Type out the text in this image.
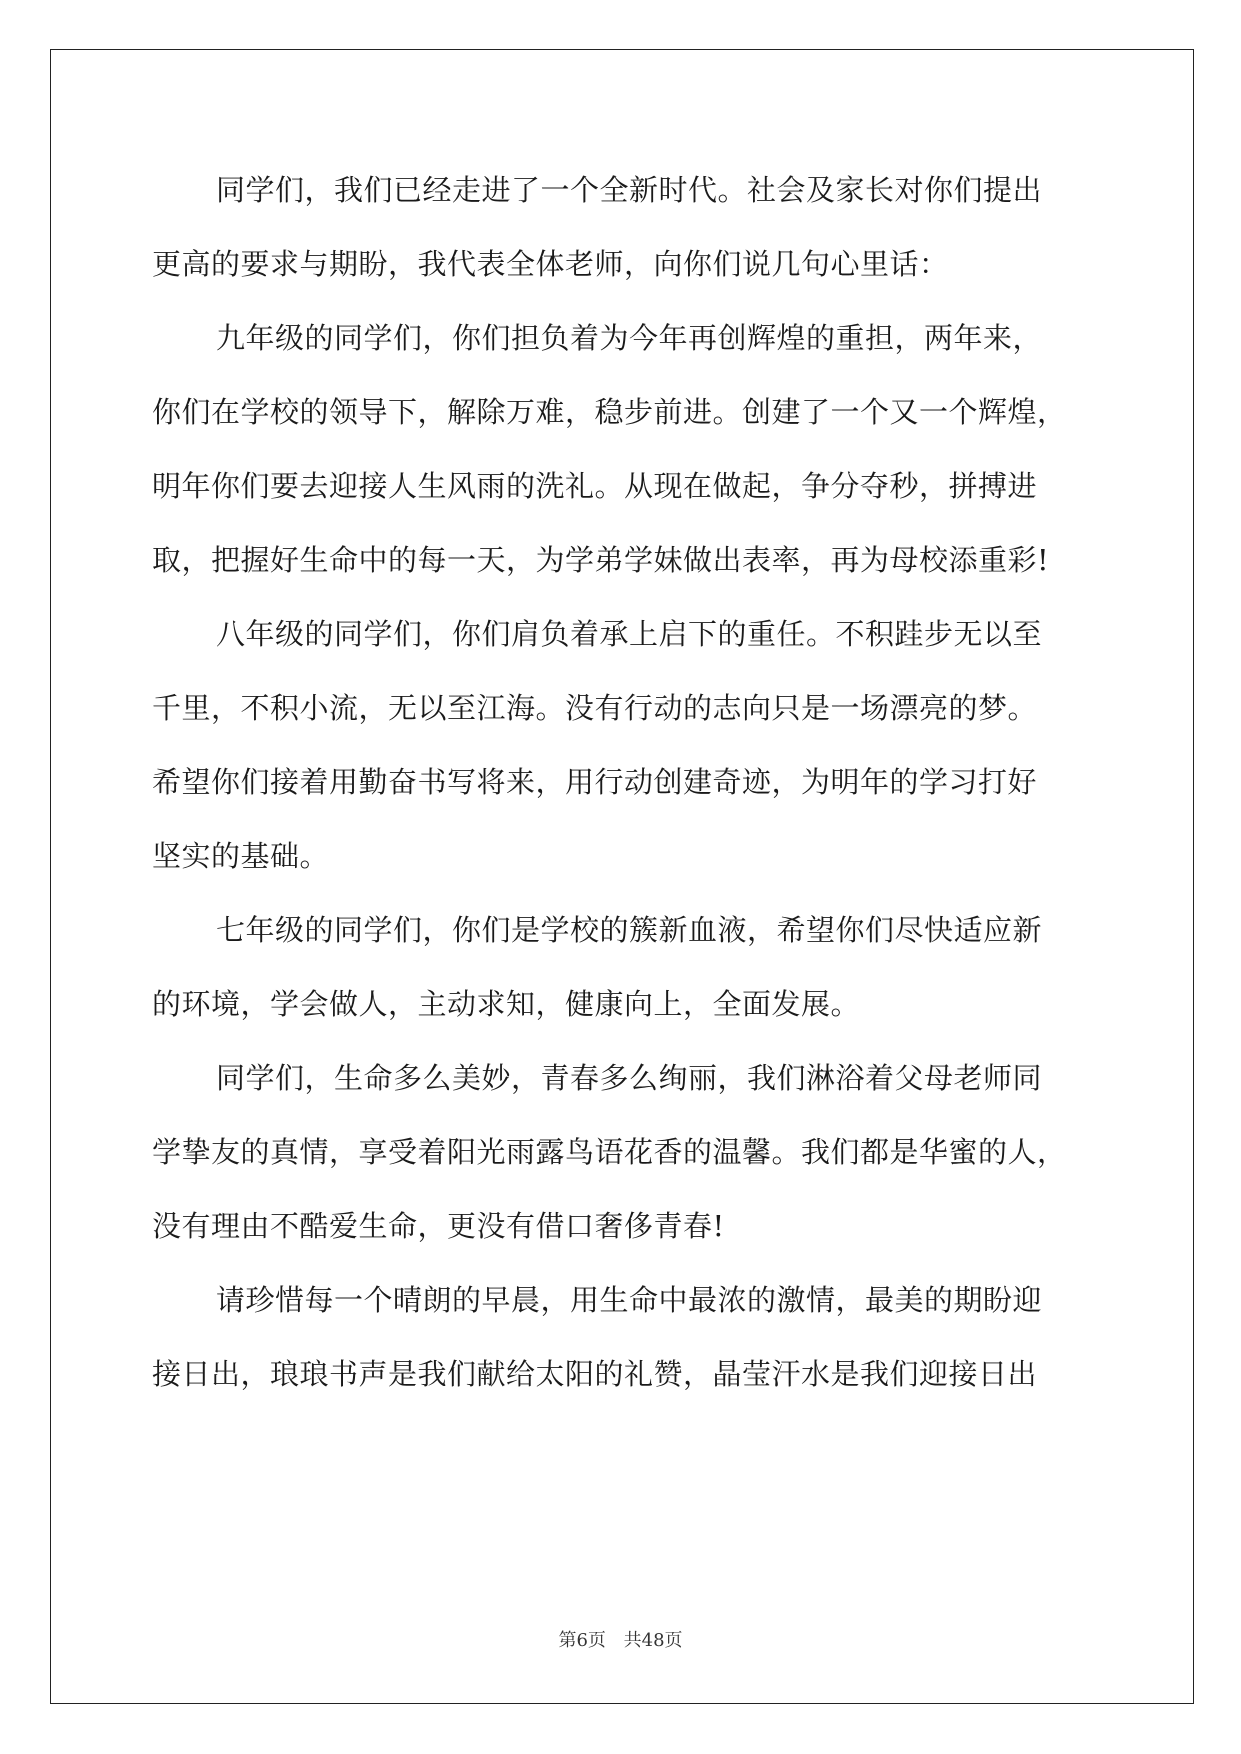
同学们，我们已经走进了一个全新时代。社会及家长对你们提出
更高的要求与期盼，我代表全体老师，向你们说几句心里话：
九年级的同学们，你们担负着为今年再创辉煌的重担，两年来，
你们在学校的领导下，解除万难，稳步前进。创建了一个又一个辉煌，
明年你们要去迎接人生风雨的洗礼。从现在做起，争分夺秒，拼搏进
取，把握好生命中的每一天，为学弟学妹做出表率，再为母校添重彩!
八年级的同学们，你们肩负着承上启下的重任。不积跬步无以至
千里，不积小流，无以至江海。没有行动的志向只是一场漂亮的梦。
希望你们接着用勤奋书写将来，用行动创建奇迹，为明年的学习打好
坚实的基础。
七年级的同学们，你们是学校的簇新血液，希望你们尽快适应新
的环境，学会做人，主动求知，健康向上，全面发展。
同学们，生命多么美妙，青春多么绚丽，我们淋浴着父母老师同
学挚友的真情，享受着阳光雨露鸟语花香的温馨。我们都是华蜜的人，
没有理由不酷爱生命，更没有借口奢侈青春!
请珍惜每一个晴朗的早晨，用生命中最浓的激情，最美的期盼迎
接日出，琅琅书声是我们献给太阳的礼赞，晶莹汗水是我们迎接日出
第6页 共48页
